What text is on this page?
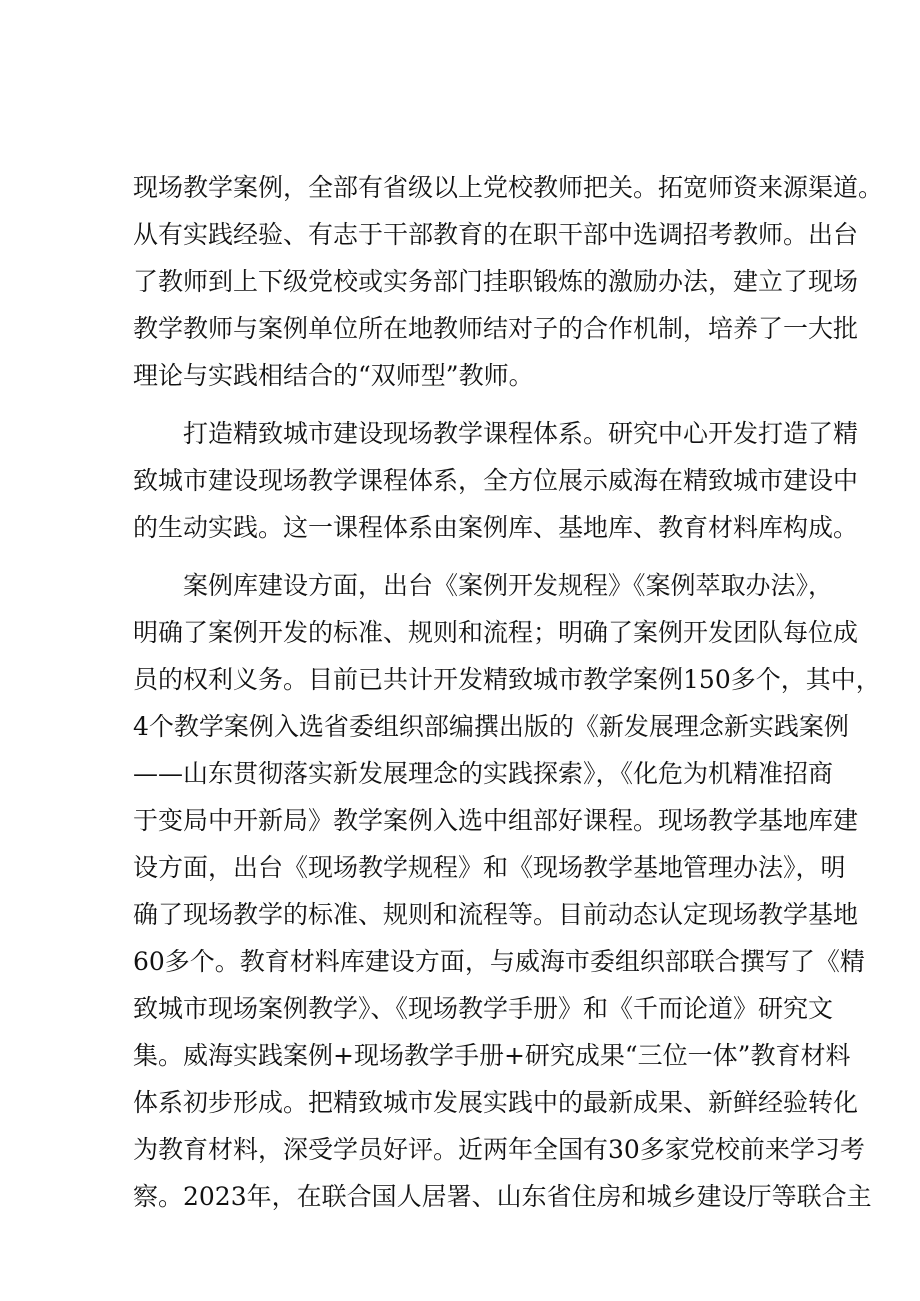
现场教学案例，全部有省级以上党校教师把关。拓宽师资来源渠道。
从有实践经验、有志于干部教育的在职干部中选调招考教师。出台
了教师到上下级党校或实务部门挂职锻炼的激励办法，建立了现场
教学教师与案例单位所在地教师结对子的合作机制，培养了一大批
理论与实践相结合的“双师型”教师。
打造精致城市建设现场教学课程体系。研究中心开发打造了精
致城市建设现场教学课程体系，全方位展示威海在精致城市建设中
的生动实践。这一课程体系由案例库、基地库、教育材料库构成。
案例库建设方面，出台《案例开发规程》《案例萃取办法》，
明确了案例开发的标准、规则和流程；明确了案例开发团队每位成
员的权利义务。目前已共计开发精致城市教学案例150多个，其中，
4个教学案例入选省委组织部编撰出版的《新发展理念新实践案例
——山东贯彻落实新发展理念的实践探索》，《化危为机精准招商
于变局中开新局》教学案例入选中组部好课程。现场教学基地库建
设方面，出台《现场教学规程》和《现场教学基地管理办法》，明
确了现场教学的标准、规则和流程等。目前动态认定现场教学基地
60多个。教育材料库建设方面，与威海市委组织部联合撰写了《精
致城市现场案例教学》、《现场教学手册》和《千而论道》研究文
集。威海实践案例+现场教学手册+研究成果“三位一体”教育材料
体系初步形成。把精致城市发展实践中的最新成果、新鲜经验转化
为教育材料，深受学员好评。近两年全国有30多家党校前来学习考
察。2023年，在联合国人居署、山东省住房和城乡建设厅等联合主
